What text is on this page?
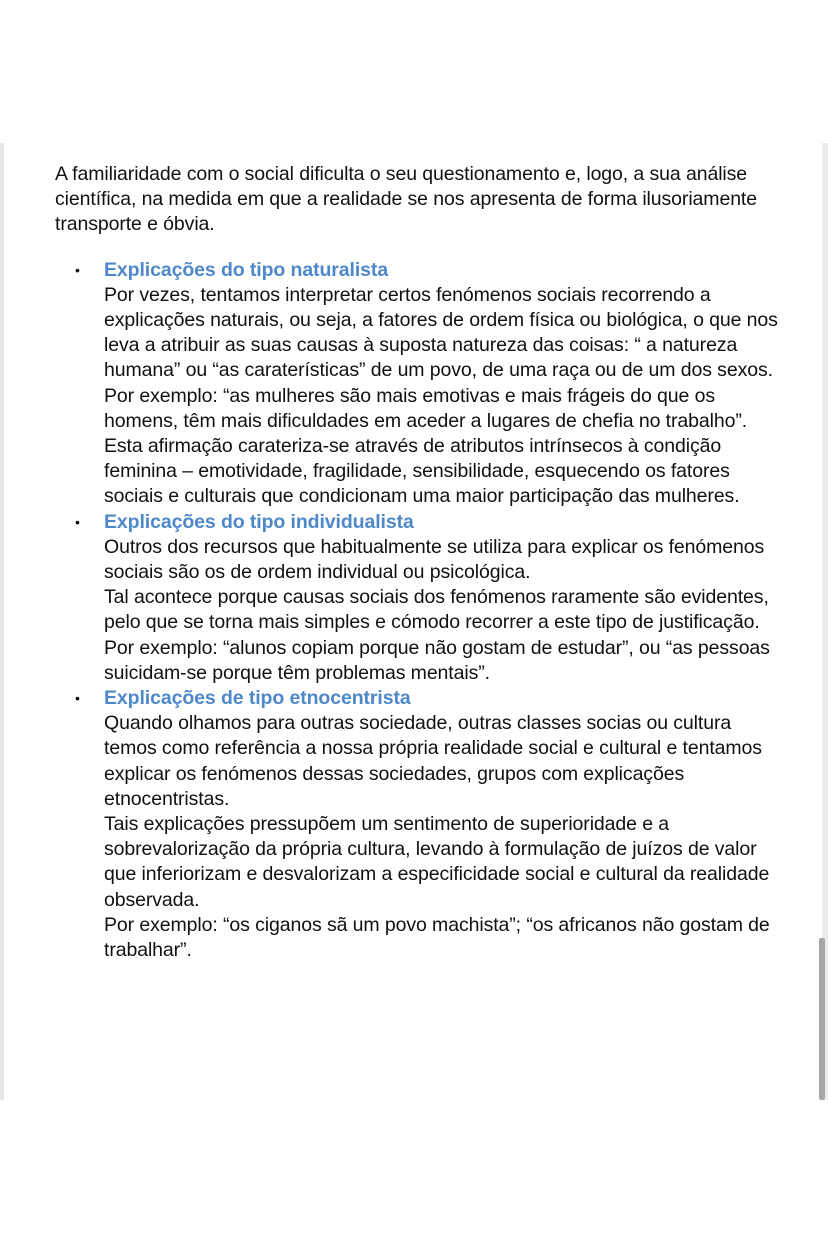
A familiaridade com o social dificulta o seu questionamento e, logo, a sua análise científica, na medida em que a realidade se nos apresenta de forma ilusoriamente transporte e óbvia.

• Explicações do tipo naturalista
Por vezes, tentamos interpretar certos fenómenos sociais recorrendo a explicações naturais, ou seja, a fatores de ordem física ou biológica, o que nos leva a atribuir as suas causas à suposta natureza das coisas: “ a natureza humana” ou “as caraterísticas” de um povo, de uma raça ou de um dos sexos.
Por exemplo: “as mulheres são mais emotivas e mais frágeis do que os homens, têm mais dificuldades em aceder a lugares de chefia no trabalho”. Esta afirmação carateriza-se através de atributos intrínsecos à condição feminina – emotividade, fragilidade, sensibilidade, esquecendo os fatores sociais e culturais que condicionam uma maior participação das mulheres.
• Explicações do tipo individualista
Outros dos recursos que habitualmente se utiliza para explicar os fenómenos sociais são os de ordem individual ou psicológica.
Tal acontece porque causas sociais dos fenómenos raramente são evidentes, pelo que se torna mais simples e cómodo recorrer a este tipo de justificação.
Por exemplo: “alunos copiam porque não gostam de estudar”, ou “as pessoas suicidam-se porque têm problemas mentais”.
• Explicações de tipo etnocentrista
Quando olhamos para outras sociedade, outras classes socias ou cultura temos como referência a nossa própria realidade social e cultural e tentamos explicar os fenómenos dessas sociedades, grupos com explicações etnocentristas.
Tais explicações pressupõem um sentimento de superioridade e a sobrevalorização da própria cultura, levando à formulação de juízos de valor que inferiorizam e desvalorizam a especificidade social e cultural da realidade observada.
Por exemplo: “os ciganos sã um povo machista”; “os africanos não gostam de trabalhar”.
